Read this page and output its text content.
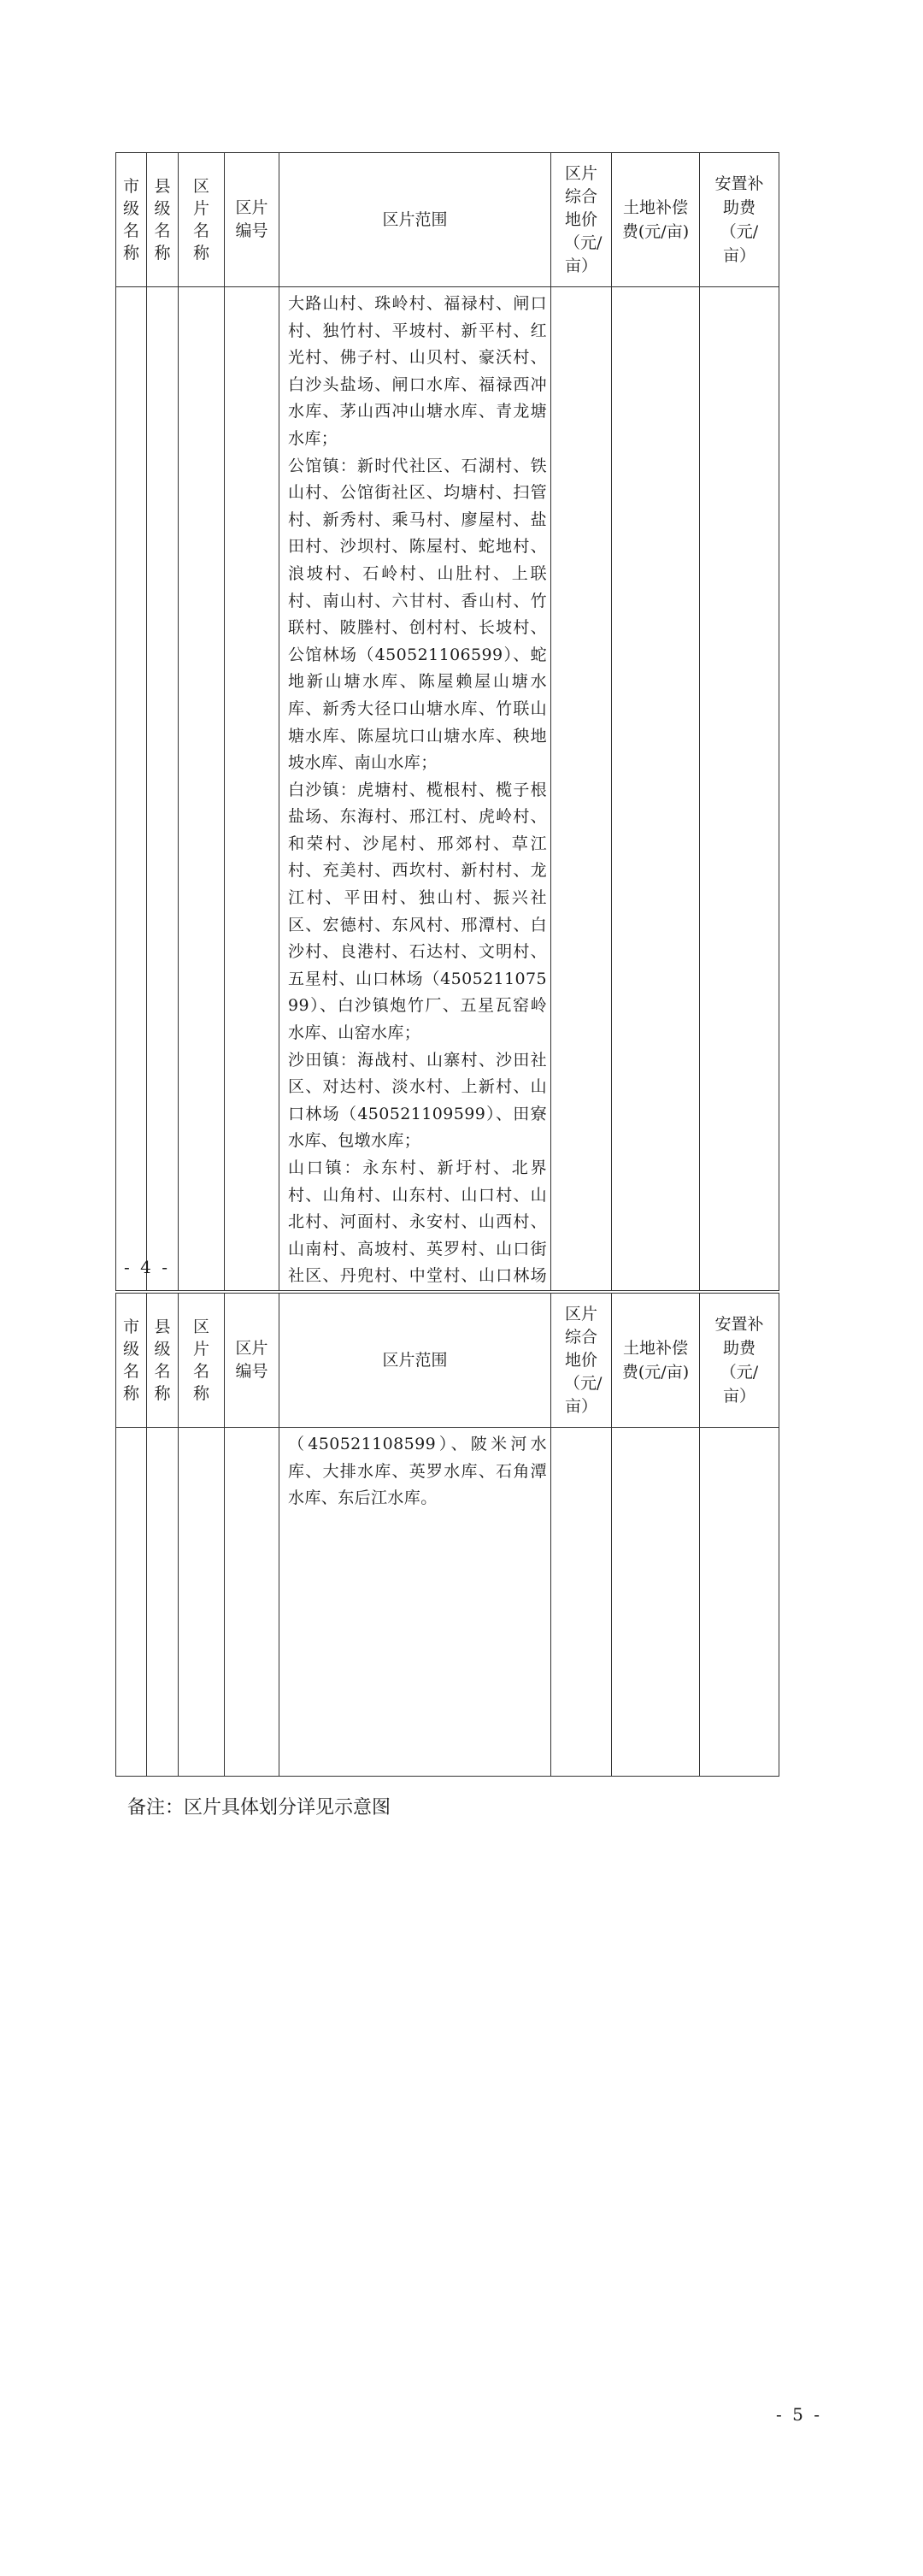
市级名称	县级名称	区片名称	区片编号	区片范围	区片综合地价（元/亩）	土地补偿费(元/亩)	安置补助费（元/亩）

				大路山村、珠岭村、福禄村、闸口村、独竹村、平坡村、新平村、红光村、佛子村、山贝村、豪沃村、白沙头盐场、闸口水库、福禄西冲水库、茅山西冲山塘水库、青龙塘水库；

公馆镇：新时代社区、石湖村、铁山村、公馆街社区、均塘村、扫管村、新秀村、乘马村、廖屋村、盐田村、沙坝村、陈屋村、蛇地村、浪坡村、石岭村、山肚村、上联村、南山村、六甘村、香山村、竹联村、陂塍村、创村村、长坡村、公馆林场（450521106599）、蛇地新山塘水库、陈屋赖屋山塘水库、新秀大径口山塘水库、竹联山塘水库、陈屋坑口山塘水库、秧地坡水库、南山水库；

白沙镇：虎塘村、榄根村、榄子根盐场、东海村、邢江村、虎岭村、和荣村、沙尾村、邢郊村、草江村、充美村、西坎村、新村村、龙江村、平田村、独山村、振兴社区、宏德村、东风村、邢潭村、白沙村、良港村、石达村、文明村、五星村、山口林场（450521107599）、白沙镇炮竹厂、五星瓦窑岭水库、山窑水库；

沙田镇：海战村、山寨村、沙田社区、对达村、淡水村、上新村、山口林场（450521109599）、田寮水库、包墩水库；

山口镇：永东村、新圩村、北界村、山角村、山东村、山口村、山北村、河面村、永安村、山西村、山南村、高坡村、英罗村、山口街社区、丹兜村、中堂村、山口林场			

- 4 -
市级名称	县级名称	区片名称	区片编号	区片范围	区片综合地价（元/亩）	土地补偿费(元/亩)	安置补助费（元/亩）

				（450521108599）、陂米河水库、大排水库、英罗水库、石角潭水库、东后江水库。			

备注：区片具体划分详见示意图
- 5 -
